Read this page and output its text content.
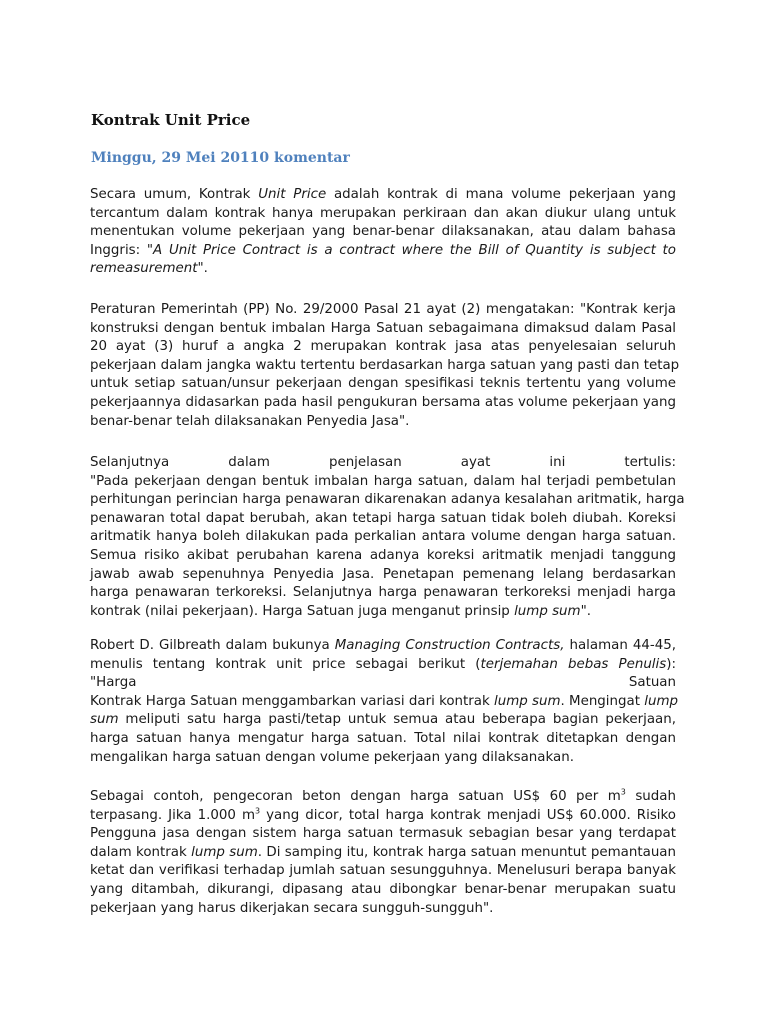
Kontrak Unit Price

Minggu, 29 Mei 20110 komentar

Secara umum, Kontrak Unit Price adalah kontrak di mana volume pekerjaan yang
tercantum dalam kontrak hanya merupakan perkiraan dan akan diukur ulang untuk
menentukan volume pekerjaan yang benar-benar dilaksanakan, atau dalam bahasa
Inggris: "A Unit Price Contract is a contract where the Bill of Quantity is subject to
remeasurement".
Peraturan Pemerintah (PP) No. 29/2000 Pasal 21 ayat (2) mengatakan: "Kontrak kerja
konstruksi dengan bentuk imbalan Harga Satuan sebagaimana dimaksud dalam Pasal
20 ayat (3) huruf a angka 2 merupakan kontrak jasa atas penyelesaian seluruh
pekerjaan dalam jangka waktu tertentu berdasarkan harga satuan yang pasti dan tetap
untuk setiap satuan/unsur pekerjaan dengan spesifikasi teknis tertentu yang volume
pekerjaannya didasarkan pada hasil pengukuran bersama atas volume pekerjaan yang
benar-benar telah dilaksanakan Penyedia Jasa".
Selanjutnya	dalam	penjelasan	ayat	ini	tertulis:
"Pada pekerjaan dengan bentuk imbalan harga satuan, dalam hal terjadi pembetulan
perhitungan perincian harga penawaran dikarenakan adanya kesalahan aritmatik, harga
penawaran total dapat berubah, akan tetapi harga satuan tidak boleh diubah. Koreksi
aritmatik hanya boleh dilakukan pada perkalian antara volume dengan harga satuan.
Semua risiko akibat perubahan karena adanya koreksi aritmatik menjadi tanggung
jawab awab sepenuhnya Penyedia Jasa. Penetapan pemenang lelang berdasarkan
harga penawaran terkoreksi. Selanjutnya harga penawaran terkoreksi menjadi harga
kontrak (nilai pekerjaan). Harga Satuan juga menganut prinsip lump sum".
Robert D. Gilbreath dalam bukunya Managing Construction Contracts, halaman 44-45,
menulis tentang kontrak unit price sebagai berikut (terjemahan bebas Penulis):
"Harga	Satuan
Kontrak Harga Satuan menggambarkan variasi dari kontrak lump sum. Mengingat lump
sum meliputi satu harga pasti/tetap untuk semua atau beberapa bagian pekerjaan,
harga satuan hanya mengatur harga satuan. Total nilai kontrak ditetapkan dengan
mengalikan harga satuan dengan volume pekerjaan yang dilaksanakan.
Sebagai contoh, pengecoran beton dengan harga satuan US$ 60 per $m^3$ sudah
terpasang. Jika 1.000 $m^3$ yang dicor, total harga kontrak menjadi US$ 60.000. Risiko
Pengguna jasa dengan sistem harga satuan termasuk sebagian besar yang terdapat
dalam kontrak lump sum. Di samping itu, kontrak harga satuan menuntut pemantauan
ketat dan verifikasi terhadap jumlah satuan sesungguhnya. Menelusuri berapa banyak
yang ditambah, dikurangi, dipasang atau dibongkar benar-benar merupakan suatu
pekerjaan yang harus dikerjakan secara sungguh-sungguh".
